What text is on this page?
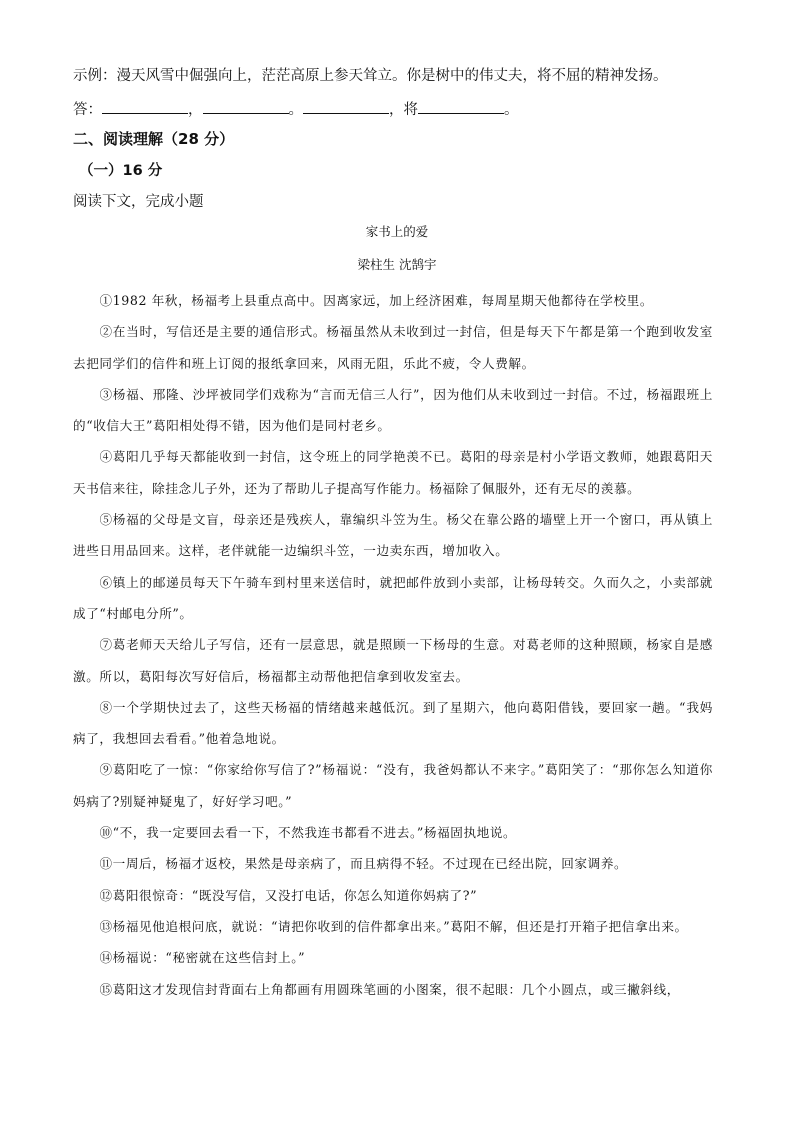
示例：漫天风雪中倔强向上，茫茫高原上参天耸立。你是树中的伟丈夫，将不屈的精神发扬。
答：	，	。	，将	。
二、阅读理解（28 分）
（一）16 分
阅读下文，完成小题
家书上的爱
梁柱生 沈鹄宇

①1982 年秋，杨福考上县重点高中。因离家远，加上经济困难，每周星期天他都待在学校里。

②在当时，写信还是主要的通信形式。杨福虽然从未收到过一封信，但是每天下午都是第一个跑到收发室去把同学们的信件和班上订阅的报纸拿回来，风雨无阻，乐此不疲，令人费解。

③杨福、邢隆、沙坪被同学们戏称为“言而无信三人行”，因为他们从未收到过一封信。不过，杨福跟班上的“收信大王”葛阳相处得不错，因为他们是同村老乡。

④葛阳几乎每天都能收到一封信，这令班上的同学艳羡不已。葛阳的母亲是村小学语文教师，她跟葛阳天天书信来往，除挂念儿子外，还为了帮助儿子提高写作能力。杨福除了佩服外，还有无尽的羡慕。

⑤杨福的父母是文盲，母亲还是残疾人，靠编织斗笠为生。杨父在靠公路的墙壁上开一个窗口，再从镇上进些日用品回来。这样，老伴就能一边编织斗笠，一边卖东西，增加收入。

⑥镇上的邮递员每天下午骑车到村里来送信时，就把邮件放到小卖部，让杨母转交。久而久之，小卖部就成了“村邮电分所”。

⑦葛老师天天给儿子写信，还有一层意思，就是照顾一下杨母的生意。对葛老师的这种照顾，杨家自是感激。所以，葛阳每次写好信后，杨福都主动帮他把信拿到收发室去。

⑧一个学期快过去了，这些天杨福的情绪越来越低沉。到了星期六，他向葛阳借钱，要回家一趟。“我妈病了，我想回去看看。”他着急地说。

⑨葛阳吃了一惊：“你家给你写信了?”杨福说：“没有，我爸妈都认不来字。”葛阳笑了：“那你怎么知道你妈病了?别疑神疑鬼了，好好学习吧。”

⑩“不，我一定要回去看一下，不然我连书都看不进去。”杨福固执地说。

⑪一周后，杨福才返校，果然是母亲病了，而且病得不轻。不过现在已经出院，回家调养。

⑫葛阳很惊奇：“既没写信，又没打电话，你怎么知道你妈病了?”

⑬杨福见他追根问底，就说：“请把你收到的信件都拿出来。”葛阳不解，但还是打开箱子把信拿出来。

⑭杨福说：“秘密就在这些信封上。”

⑮葛阳这才发现信封背面右上角都画有用圆珠笔画的小图案，很不起眼：几个小圆点，或三撇斜线，
